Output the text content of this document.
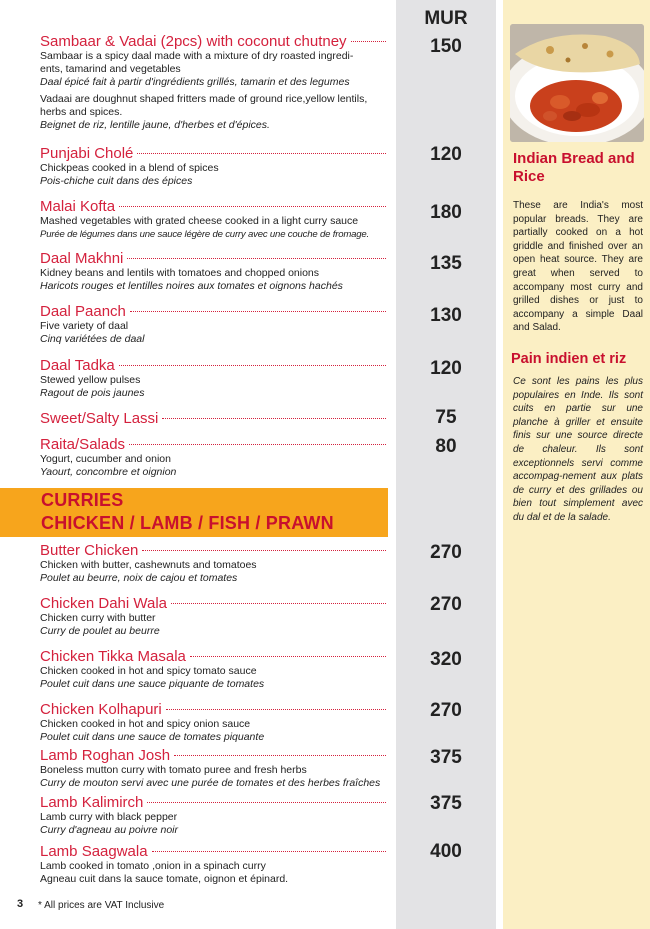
MUR
Sambaar & Vadai (2pcs) with coconut chutney
Sambaar is a spicy daal made with a mixture of dry roasted ingredi-
ents, tamarind and vegetables
Daal épicé fait à partir d'ingrédients grillés, tamarin et des legumes
Vadaai are doughnut shaped fritters made of ground rice,yellow lentils,
herbs and spices.
Beignet de riz, lentille jaune, d'herbes et d'épices.
150
Punjabi Cholé
Chickpeas cooked in a blend of spices
Pois-chiche cuit dans des épices
120
Malai Kofta
Mashed vegetables with grated cheese cooked in a light curry sauce
Purée de légumes dans une sauce légère de curry avec une couche de fromage.
180
Daal Makhni
Kidney beans and lentils with tomatoes and chopped onions
Haricots rouges et lentilles noires aux tomates et oignons hachés
135
Daal Paanch
Five variety of daal
Cinq variétées de daal
130
Daal Tadka
Stewed yellow pulses
Ragout de pois jaunes
120
Sweet/Salty Lassi	75
Raita/Salads
Yogurt, cucumber and onion
Yaourt, concombre et oignion
80
CURRIES
CHICKEN / LAMB / FISH / PRAWN
Butter Chicken
Chicken with butter, cashewnuts and tomatoes
Poulet au beurre, noix de cajou et tomates
270
Chicken Dahi Wala
Chicken curry with butter
Curry de poulet au beurre
270
Chicken Tikka Masala
Chicken cooked in hot and spicy tomato sauce
Poulet cuit dans une sauce piquante de tomates
320
Chicken Kolhapuri
Chicken cooked in hot and spicy onion sauce
Poulet cuit dans une sauce de tomates piquante
270
Lamb Roghan Josh
Boneless mutton curry with tomato puree and fresh herbs
Curry de mouton servi avec une purée de tomates et des herbes fraîches
375
Lamb Kalimirch
Lamb curry with black pepper
Curry d'agneau au poivre noir
375
Lamb Saagwala
Lamb cooked in tomato ,onion in a spinach curry
Agneau cuit dans la sauce tomate, oignon et épinard.
400
Indian Bread and Rice
These are India's most popular breads. They are partially cooked on a hot griddle and finished over an open heat source. They are great when served to accompany most curry and grilled dishes or just to accompany a simple Daal and Salad.
Pain indien et riz
Ce sont les pains les plus populaires en Inde. Ils sont cuits en partie sur une planche à griller et ensuite finis sur une source directe de chaleur. Ils sont exceptionnels servi comme accompag-nement aux plats de curry et des grillades ou bien tout simplement avec du dal et de la salade.
3 * All prices are VAT Inclusive
